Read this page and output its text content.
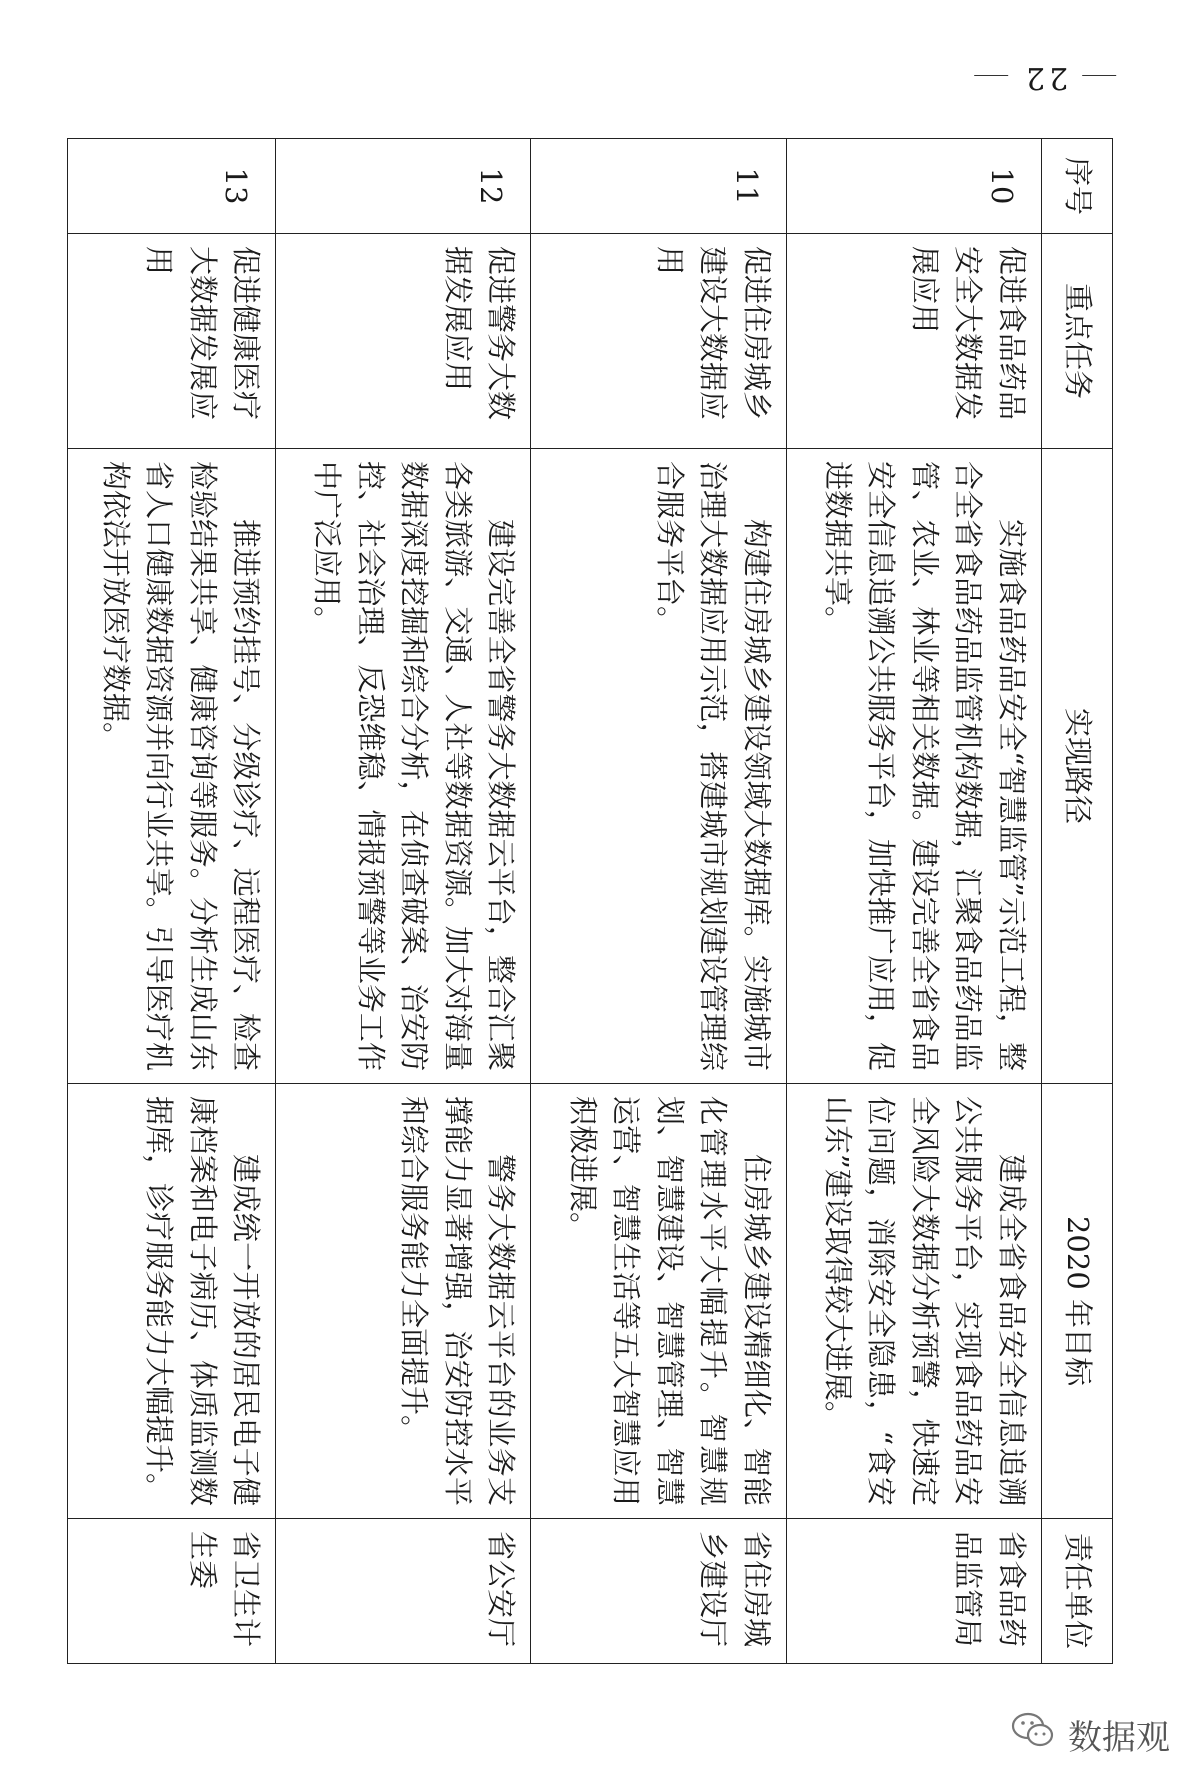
22
序号	重点任务	实现路径	2020 年目标	责任单位
10	促进食品药品安全大数据发展应用	实施食品药品安全“智慧监管”示范工程，整合全省食品药品监管机构数据，汇聚食品药品监管、农业、林业等相关数据。建设完善全省食品安全信息追溯公共服务平台，加快推广应用，促进数据共享。	建成全省食品安全信息追溯公共服务平台，实现食品药品安全风险大数据分析预警，快速定位问题，消除安全隐患，“食安山东”建设取得较大进展。	省食品药品监管局
11	促进住房城乡建设大数据应用	构建住房城乡建设领域大数据库。实施城市治理大数据应用示范，搭建城市规划建设管理综合服务平台。	住房城乡建设精细化、智能化管理水平大幅提升。智慧规划、智慧建设、智慧管理、智慧运营、智慧生活等五大智慧应用积极进展。	省住房城乡建设厅
12	促进警务大数据发展应用	建设完善全省警务大数据云平台，整合汇聚各类旅游、交通、人社等数据资源。加大对海量数据深度挖掘和综合分析，在侦查破案、治安防控、社会治理、反恐维稳、情报预警等业务工作中广泛应用。	警务大数据云平台的业务支撑能力显著增强，治安防控水平和综合服务能力全面提升。	省公安厅
13	促进健康医疗大数据发展应用	推进预约挂号、分级诊疗、远程医疗、检查检验结果共享、健康咨询等服务。分析生成山东省人口健康数据资源并向行业共享。引导医疗机构依法开放医疗数据。	建成统一开放的居民电子健康档案和电子病历、体质监测数据库，诊疗服务能力大幅提升。	省卫生计生委
数据观
